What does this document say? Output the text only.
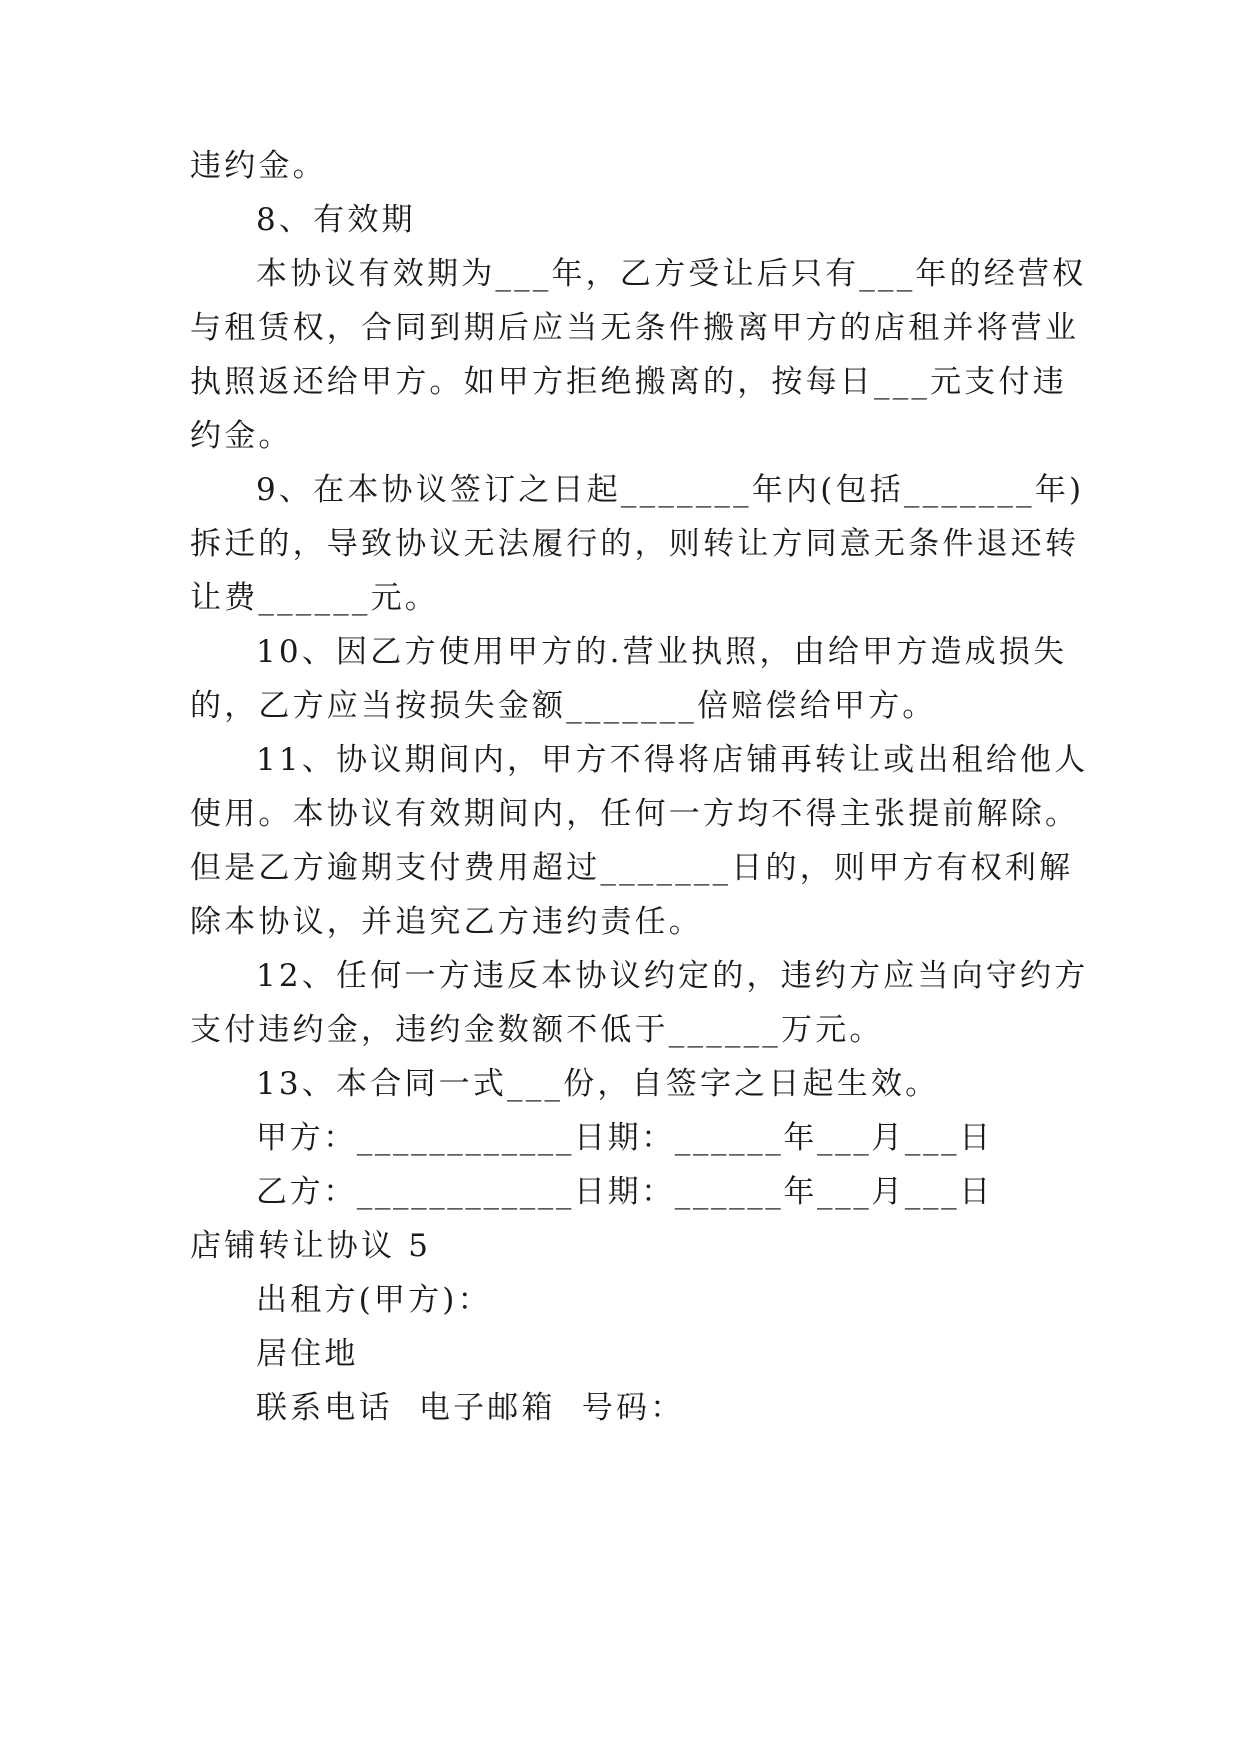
违约金。
8、有效期
本协议有效期为___年，乙方受让后只有___年的经营权
与租赁权，合同到期后应当无条件搬离甲方的店租并将营业
执照返还给甲方。如甲方拒绝搬离的，按每日___元支付违
约金。
9、在本协议签订之日起_______年内(包括_______年)
拆迁的，导致协议无法履行的，则转让方同意无条件退还转
让费______元。
10、因乙方使用甲方的.营业执照，由给甲方造成损失
的，乙方应当按损失金额_______倍赔偿给甲方。
11、协议期间内，甲方不得将店铺再转让或出租给他人
使用。本协议有效期间内，任何一方均不得主张提前解除。
但是乙方逾期支付费用超过_______日的，则甲方有权利解
除本协议，并追究乙方违约责任。
12、任何一方违反本协议约定的，违约方应当向守约方
支付违约金，违约金数额不低于______万元。
13、本合同一式___份，自签字之日起生效。
甲方：____________日期：______年___月___日
乙方：____________日期：______年___月___日
店铺转让协议 5
出租方(甲方)：
居住地
联系电话  电子邮箱  号码：
